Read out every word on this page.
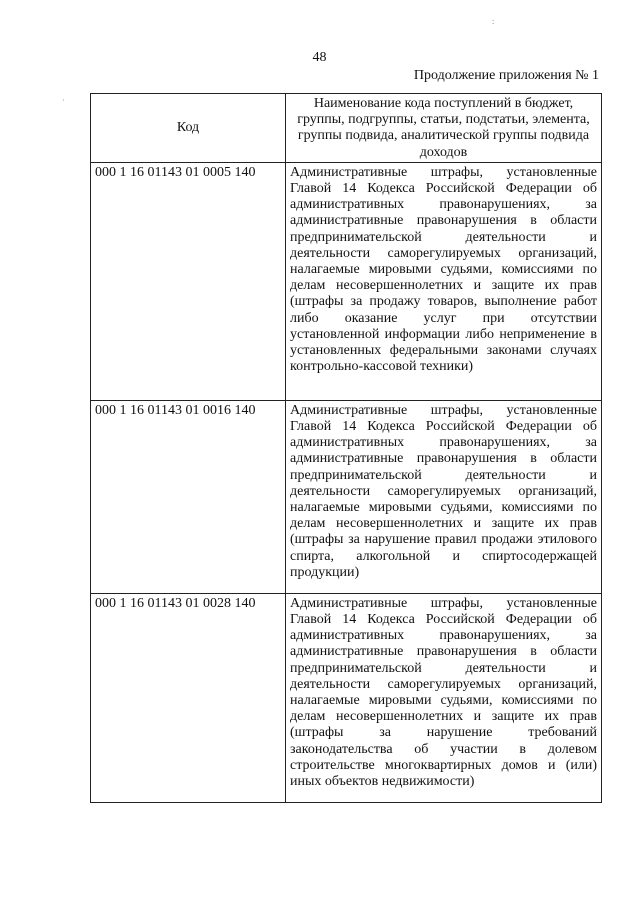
:
·
48
Продолжение приложения № 1
Код	Наименование кода поступлений в бюджет, группы, подгруппы, статьи, подстатьи, элемента, группы подвида, аналитической группы подвида доходов
000 1 16 01143 01 0005 140	Административные штрафы, установленные Главой 14 Кодекса Российской Федерации об административных правонарушениях, за административные правонарушения в области предпринимательской деятельности и деятельности саморегулируемых организаций, налагаемые мировыми судьями, комиссиями по делам несовершеннолетних и защите их прав (штрафы за продажу товаров, выполнение работ либо оказание услуг при отсутствии установленной информации либо неприменение в установленных федеральными законами случаях контрольно-кассовой техники)
000 1 16 01143 01 0016 140	Административные штрафы, установленные Главой 14 Кодекса Российской Федерации об административных правонарушениях, за административные правонарушения в области предпринимательской деятельности и деятельности саморегулируемых организаций, налагаемые мировыми судьями, комиссиями по делам несовершеннолетних и защите их прав (штрафы за нарушение правил продажи этилового спирта, алкогольной и спиртосодержащей продукции)
000 1 16 01143 01 0028 140	Административные штрафы, установленные Главой 14 Кодекса Российской Федерации об административных правонарушениях, за административные правонарушения в области предпринимательской деятельности и деятельности саморегулируемых организаций, налагаемые мировыми судьями, комиссиями по делам несовершеннолетних и защите их прав (штрафы за нарушение требований законодательства об участии в долевом строительстве многоквартирных домов и (или) иных объектов недвижимости)
